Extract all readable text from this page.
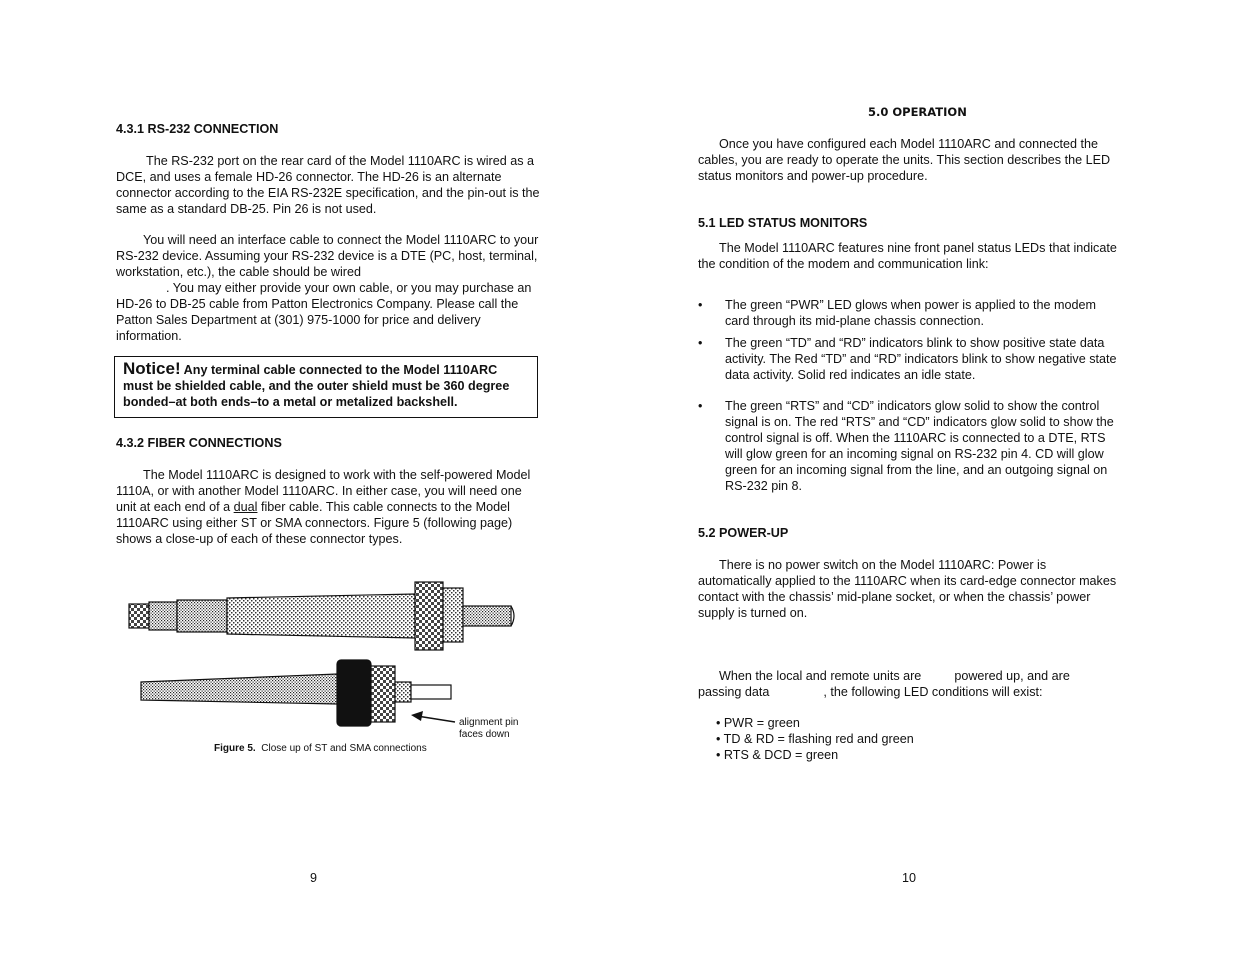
4.3.1 RS-232 CONNECTION

The RS-232 port on the rear card of the Model 1110ARC is wired as a DCE, and uses a female HD-26 connector. The HD-26 is an alternate connector according to the EIA RS-232E specification, and the pin-out is the same as a standard DB-25. Pin 26 is not used.

You will need an interface cable to connect the Model 1110ARC to your RS-232 device. Assuming your RS-232 device is a DTE (PC, host, terminal, workstation, etc.), the cable should be wired
. You may either provide your own cable, or you may purchase an HD-26 to DB-25 cable from Patton Electronics Company. Please call the Patton Sales Department at (301) 975-1000 for price and delivery information.

Notice! Any terminal cable connected to the Model 1110ARC must be shielded cable, and the outer shield must be 360 degree bonded–at both ends–to a metal or metalized backshell.
4.3.2 FIBER CONNECTIONS

The Model 1110ARC is designed to work with the self-powered Model 1110A, or with another Model 1110ARC. In either case, you will need one unit at each end of a dual fiber cable. This cable connects to the Model 1110ARC using either ST or SMA connectors. Figure 5 (following page) shows a close-up of each of these connector types.

alignment pin
faces down
Figure 5. Close up of ST and SMA connections
9
5.0 OPERATION

Once you have configured each Model 1110ARC and connected the cables, you are ready to operate the units. This section describes the LED status monitors and power-up procedure.

5.1 LED STATUS MONITORS

The Model 1110ARC features nine front panel status LEDs that indicate the condition of the modem and communication link:

• The green “PWR” LED glows when power is applied to the modem card through its mid-plane chassis connection.
• The green “TD” and “RD” indicators blink to show positive state data activity. The Red “TD” and “RD” indicators blink to show negative state data activity. Solid red indicates an idle state.
• The green “RTS” and “CD” indicators glow solid to show the control signal is on. The red “RTS” and “CD” indicators glow solid to show the control signal is off. When the 1110ARC is connected to a DTE, RTS will glow green for an incoming signal on RS-232 pin 4. CD will glow green for an incoming signal from the line, and an outgoing signal on RS-232 pin 8.
5.2 POWER-UP

There is no power switch on the Model 1110ARC: Power is automatically applied to the 1110ARC when its card-edge connector makes contact with the chassis’ mid-plane socket, or when the chassis’ power supply is turned on.

When the local and remote units are	powered up, and are
passing data	, the following LED conditions will exist:

• PWR = green
• TD & RD = flashing red and green
• RTS & DCD = green
10
